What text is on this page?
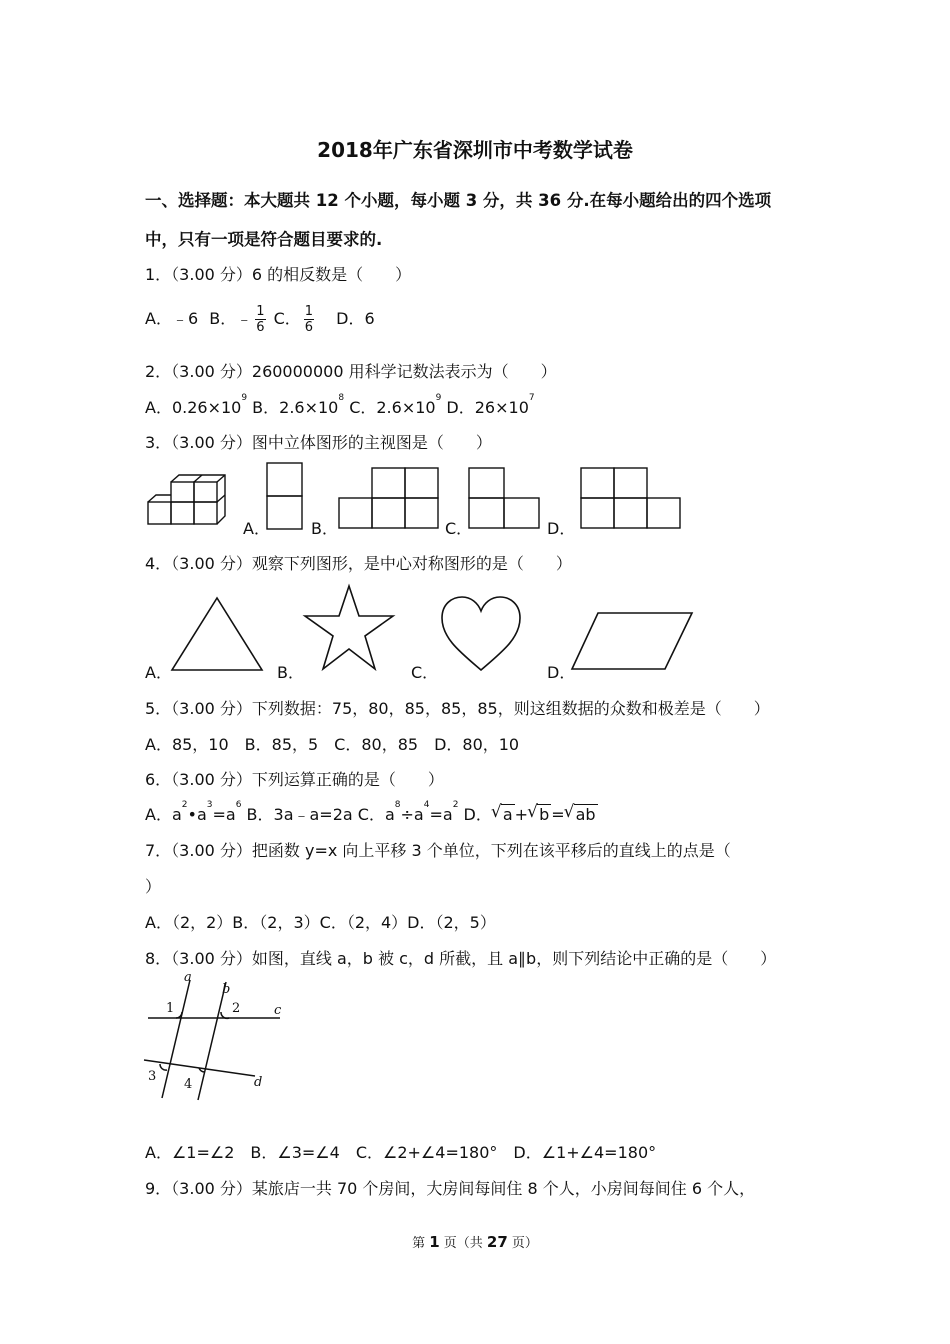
2018年广东省深圳市中考数学试卷
一、选择题：本大题共 12 个小题，每小题 3 分，共 36 分.在每小题给出的四个选项
中，只有一项是符合题目要求的.
1．（3.00 分）6 的相反数是（　　）
A．﹣6 B．﹣ $\frac{1}{6}$ C． $\frac{1}{6}$ D．6
2．（3.00 分）260000000 用科学记数法表示为（　　）
A．$0.26\times 10^9$ B．$2.6\times 10^8$ C．$2.6\times 10^9$ D．$26\times 10^7$
3．（3.00 分）图中立体图形的主视图是（　　）
A．	B．	C．	D．
4．（3.00 分）观察下列图形，是中心对称图形的是（　　）
A．	B．	C．	D．
5．（3.00 分）下列数据：75，80，85，85，85，则这组数据的众数和极差是（　　）
A．85，10　B．85，5　C．80，85　D．80，10
6．（3.00 分）下列运算正确的是（　　）
A．$a^2•a^3=a^6$ B．3a﹣a=2a C．$a^8\div a^4=a^2$ D． √ a + √ b = √ ab
7．（3.00 分）把函数 y=x 向上平移 3 个单位，下列在该平移后的直线上的点是（
）
A．（2，2）B．（2，3）C．（2，4）D．（2，5）
8．（3.00 分）如图，直线 a，b 被 c，d 所截，且 a∥b，则下列结论中正确的是（　　）
a
b
c
d
1	2
3
4
A．∠1=∠2　B．∠3=∠4　C．∠2+∠4=180°　D．∠1+∠4=180°
9．（3.00 分）某旅店一共 70 个房间，大房间每间住 8 个人，小房间每间住 6 个人，
第 1 页（共 27 页）
